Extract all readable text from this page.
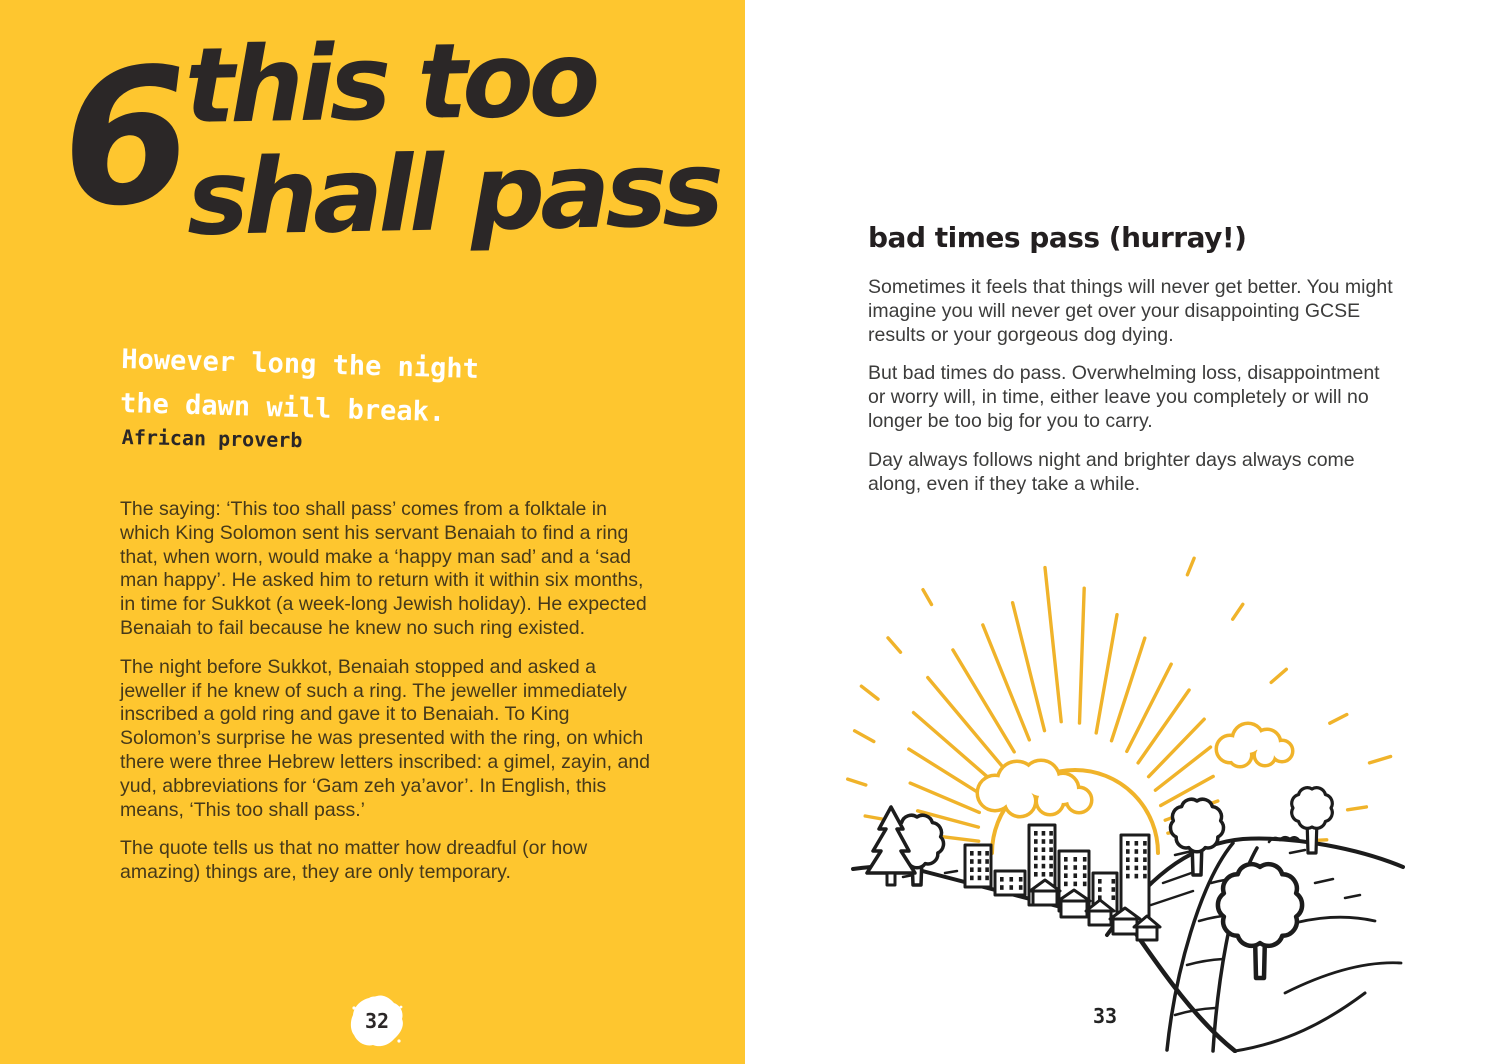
6
this too
shall pass
However long the night
the dawn will break.
African proverb

The saying: ‘This too shall pass’ comes from a folktale in which King Solomon sent his servant Benaiah to find a ring that, when worn, would make a ‘happy man sad’ and a ‘sad man happy’. He asked him to return with it within six months, in time for Sukkot (a week-long Jewish holiday). He expected Benaiah to fail because he knew no such ring existed.

The night before Sukkot, Benaiah stopped and asked a jeweller if he knew of such a ring. The jeweller immediately inscribed a gold ring and gave it to Benaiah. To King Solomon’s surprise he was presented with the ring, on which there were three Hebrew letters inscribed: a gimel, zayin, and yud, abbreviations for ‘Gam zeh ya’avor’. In English, this means, ‘This too shall pass.’

The quote tells us that no matter how dreadful (or how amazing) things are, they are only temporary.

32
bad times pass (hurray!)

Sometimes it feels that things will never get better. You might imagine you will never get over your disappointing GCSE results or your gorgeous dog dying.

But bad times do pass. Overwhelming loss, disappointment or worry will, in time, either leave you completely or will no longer be too big for you to carry.

Day always follows night and brighter days always come along, even if they take a while.

33
